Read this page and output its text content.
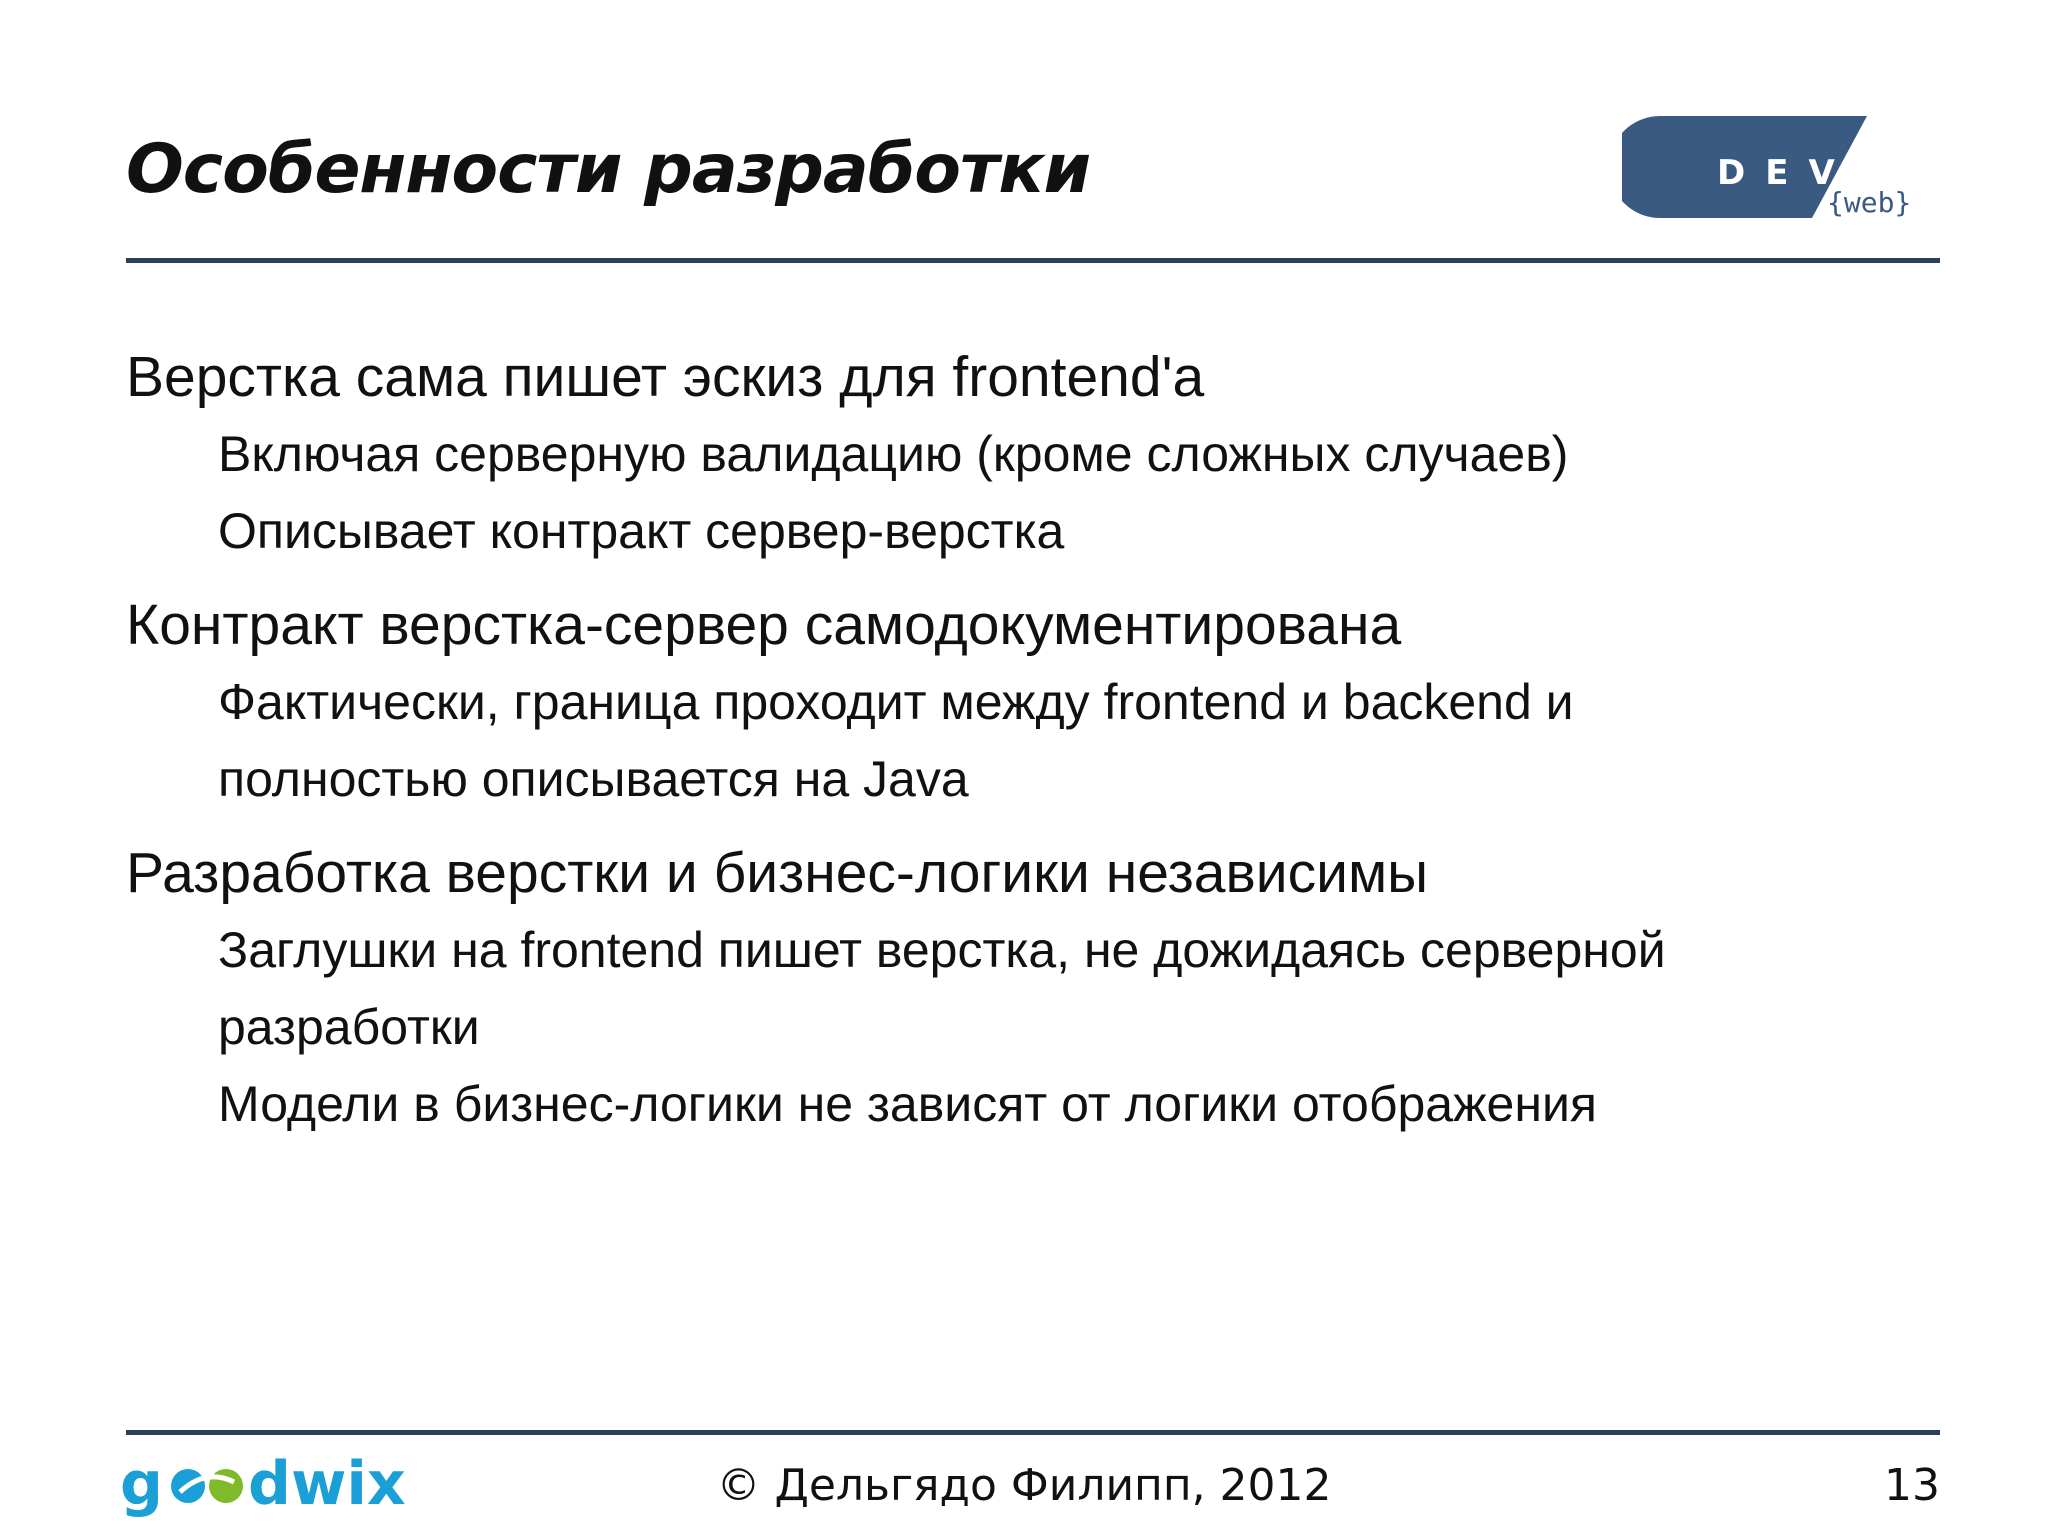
Особенности разработки	DEV
{web}
Верстка сама пишет эскиз для frontend'a
Включая серверную валидацию (кроме сложных случаев)
Описывает контракт сервер-верстка
Контракт верстка-сервер самодокументирована
Фактически, граница проходит между frontend и backend и
полностью описывается на Java
Разработка верстки и бизнес-логики независимы
Заглушки на frontend пишет верстка, не дожидаясь серверной
разработки
Модели в бизнес-логики не зависят от логики отображения
g dwix	© Дельгядо Филипп, 2012	13
